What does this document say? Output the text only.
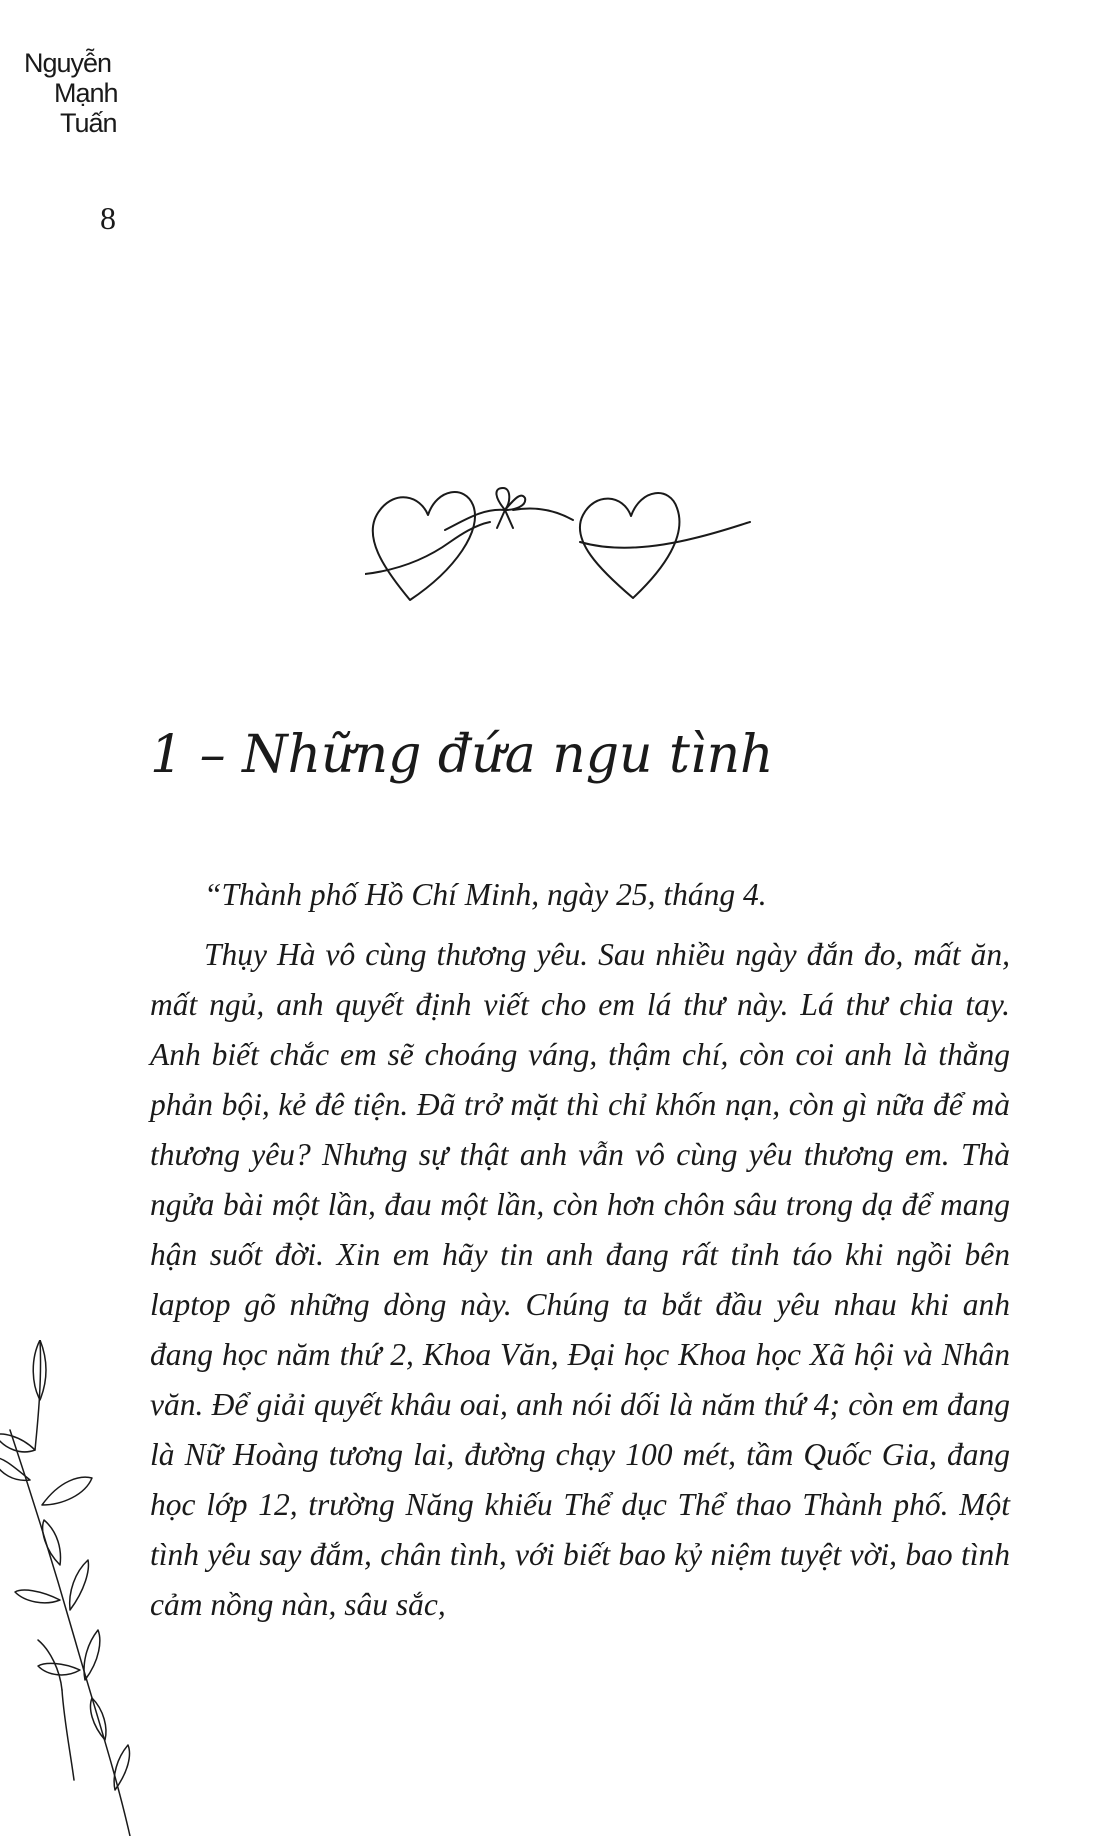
Nguyễn
Mạnh
Tuấn
8
1 – Những đứa ngu tình

“Thành phố Hồ Chí Minh, ngày 25, tháng 4.

Thụy Hà vô cùng thương yêu. Sau nhiều ngày đắn đo, mất ăn, mất ngủ, anh quyết định viết cho em lá thư này. Lá thư chia tay. Anh biết chắc em sẽ choáng váng, thậm chí, còn coi anh là thằng phản bội, kẻ đê tiện. Đã trở mặt thì chỉ khốn nạn, còn gì nữa để mà thương yêu? Nhưng sự thật anh vẫn vô cùng yêu thương em. Thà ngửa bài một lần, đau một lần, còn hơn chôn sâu trong dạ để mang hận suốt đời. Xin em hãy tin anh đang rất tỉnh táo khi ngồi bên laptop gõ những dòng này. Chúng ta bắt đầu yêu nhau khi anh đang học năm thứ 2, Khoa Văn, Đại học Khoa học Xã hội và Nhân văn. Để giải quyết khâu oai, anh nói dối là năm thứ 4; còn em đang là Nữ Hoàng tương lai, đường chạy 100 mét, tầm Quốc Gia, đang học lớp 12, trường Năng khiếu Thể dục Thể thao Thành phố. Một tình yêu say đắm, chân tình, với biết bao kỷ niệm tuyệt vời, bao tình cảm nồng nàn, sâu sắc,
